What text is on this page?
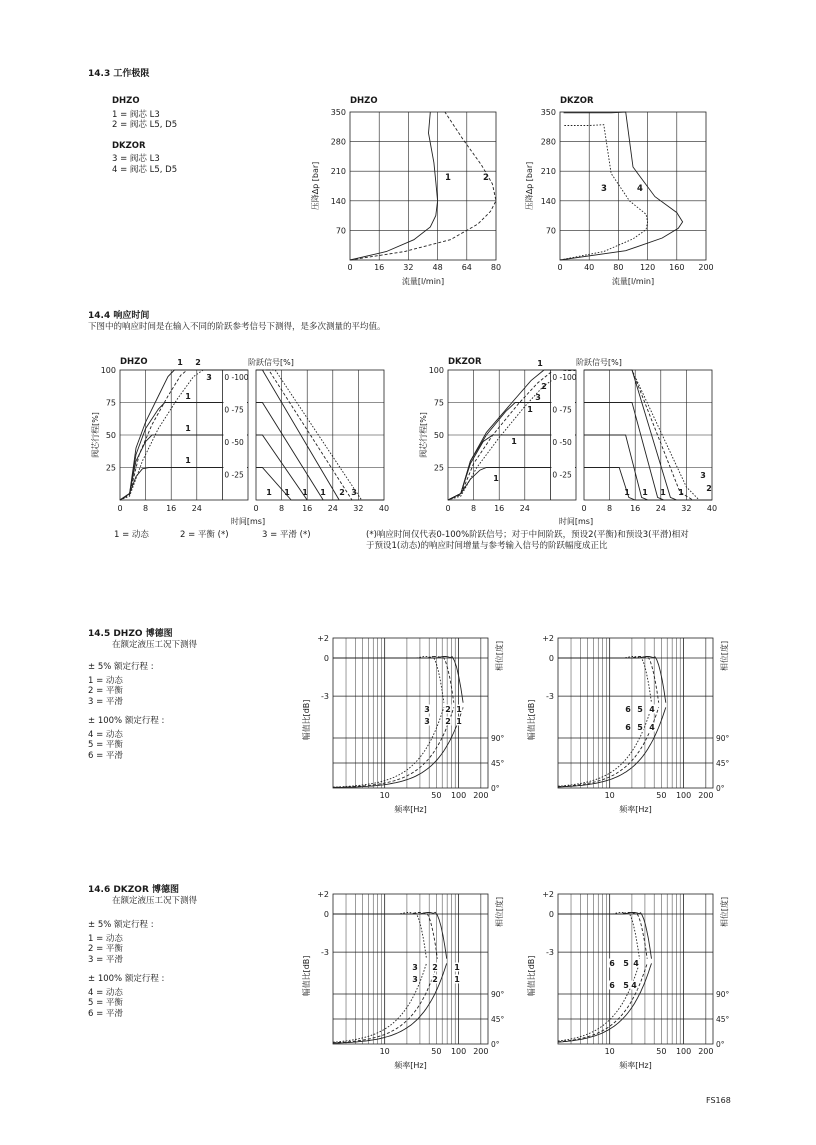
14.3 工作极限
DHZO
1 = 阀芯 L3
2 = 阀芯 L5, D5
DKZOR
3 = 阀芯 L3
4 = 阀芯 L5, D5
14.4 响应时间
下图中的响应时间是在输入不同的阶跃参考信号下测得，是多次测量的平均值。
1 = 动态	2 = 平衡 (*)	3 = 平滑 (*)	(*)响应时间仅代表0-100%阶跃信号；对于中间阶跃，预设2(平衡)和预设3(平滑)相对
于预设1(动态)的响应时间增量与参考输入信号的阶跃幅度成正比
14.5 DHZO 博德图
在额定液压工况下测得
± 5% 额定行程 :
1 = 动态
2 = 平衡
3 = 平滑
± 100% 额定行程 :
4 = 动态
5 = 平衡
6 = 平滑
14.6 DKZOR 博德图
在额定液压工况下测得
± 5% 额定行程 :
1 = 动态
2 = 平衡
3 = 平滑
± 100% 额定行程 :
4 = 动态
5 = 平衡
6 = 平滑
FS168
DHZO
70
140
210
280
350
0	16 32 48 64 80
流量[l/min]
压降Δp [bar]	1	2
DKZOR
70
140
210
280
350
0	40 80 120 160 200
流量[l/min]
压降Δp [bar]	3	4
DHZO
25
50
75
100
0	8 16 24
阀芯行程[%]
0 -100
0 -75
0 -50
0 -25
阶跃信号[%]
1 2
3
1
1
1
0	8 16 24 32 40
时间[ms]
1 1 1 1 2 3
DKZOR
25
50
75
100
0	8 16 24
阀芯行程[%]
0 -100
0 -75
0 -50
0 -25
阶跃信号[%]
1
2
3
1
1
1
0	8 16 24 32 40
时间[ms]
1 1 1 1	2
3
+2
0
-3
90°
45°
0°
10	50 100 200
频率[Hz]
幅值比[dB]
相位[度]
3 2 1
3 2 1
+2
0
-3
90°
45°
0°
10	50 100 200
频率[Hz]
幅值比[dB]
相位[度]
6 5 4
6 5 4
+2
0
-3
90°
45°
0°
10	50 100 200
频率[Hz]
幅值比[dB]
相位[度]
3 2 1
3 2 1
+2
0
-3
90°
45°
0°
10	50 100 200
频率[Hz]
幅值比[dB]
相位[度]
6 5 4
6 5 4
